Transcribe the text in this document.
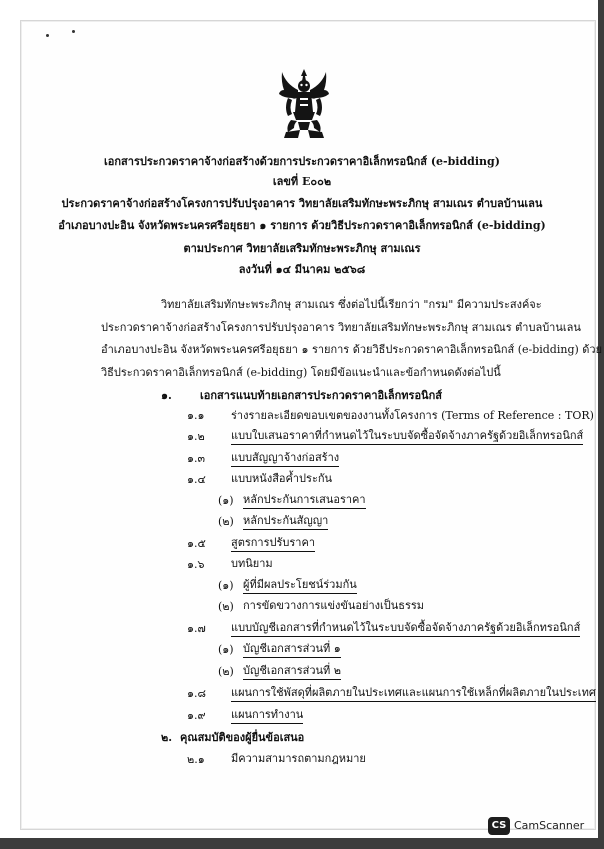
เอกสารประกวดราคาจ้างก่อสร้างด้วยการประกวดราคาอิเล็กทรอนิกส์ (e-bidding)
เลขที่ E๐๐๒
ประกวดราคาจ้างก่อสร้างโครงการปรับปรุงอาคาร วิทยาลัยเสริมทักษะพระภิกษุ สามเณร ตำบลบ้านเลน
อำเภอบางปะอิน จังหวัดพระนครศรีอยุธยา ๑ รายการ ด้วยวิธีประกวดราคาอิเล็กทรอนิกส์ (e-bidding)
ตามประกาศ วิทยาลัยเสริมทักษะพระภิกษุ สามเณร
ลงวันที่ ๑๔ มีนาคม ๒๕๖๘
วิทยาลัยเสริมทักษะพระภิกษุ สามเณร ซึ่งต่อไปนี้เรียกว่า "กรม" มีความประสงค์จะ
ประกวดราคาจ้างก่อสร้างโครงการปรับปรุงอาคาร วิทยาลัยเสริมทักษะพระภิกษุ สามเณร ตำบลบ้านเลน
อำเภอบางปะอิน จังหวัดพระนครศรีอยุธยา ๑ รายการ ด้วยวิธีประกวดราคาอิเล็กทรอนิกส์ (e-bidding) ด้วย
วิธีประกวดราคาอิเล็กทรอนิกส์ (e-bidding) โดยมีข้อแนะนำและข้อกำหนดดังต่อไปนี้
๑.	เอกสารแนบท้ายเอกสารประกวดราคาอิเล็กทรอนิกส์
๑.๑ ร่างรายละเอียดขอบเขตของงานทั้งโครงการ (Terms of Reference : TOR)
๑.๒ แบบใบเสนอราคาที่กำหนดไว้ในระบบจัดซื้อจัดจ้างภาครัฐด้วยอิเล็กทรอนิกส์
๑.๓ แบบสัญญาจ้างก่อสร้าง
๑.๔ แบบหนังสือค้ำประกัน
(๑) หลักประกันการเสนอราคา
(๒) หลักประกันสัญญา
๑.๕ สูตรการปรับราคา
๑.๖ บทนิยาม
(๑) ผู้ที่มีผลประโยชน์ร่วมกัน
(๒) การขัดขวางการแข่งขันอย่างเป็นธรรม
๑.๗ แบบบัญชีเอกสารที่กำหนดไว้ในระบบจัดซื้อจัดจ้างภาครัฐด้วยอิเล็กทรอนิกส์
(๑) บัญชีเอกสารส่วนที่ ๑
(๒) บัญชีเอกสารส่วนที่ ๒
๑.๘ แผนการใช้พัสดุที่ผลิตภายในประเทศและแผนการใช้เหล็กที่ผลิตภายในประเทศ
๑.๙ แผนการทำงาน
๒. คุณสมบัติของผู้ยื่นข้อเสนอ
๒.๑ มีความสามารถตามกฎหมาย
CS CamScanner
